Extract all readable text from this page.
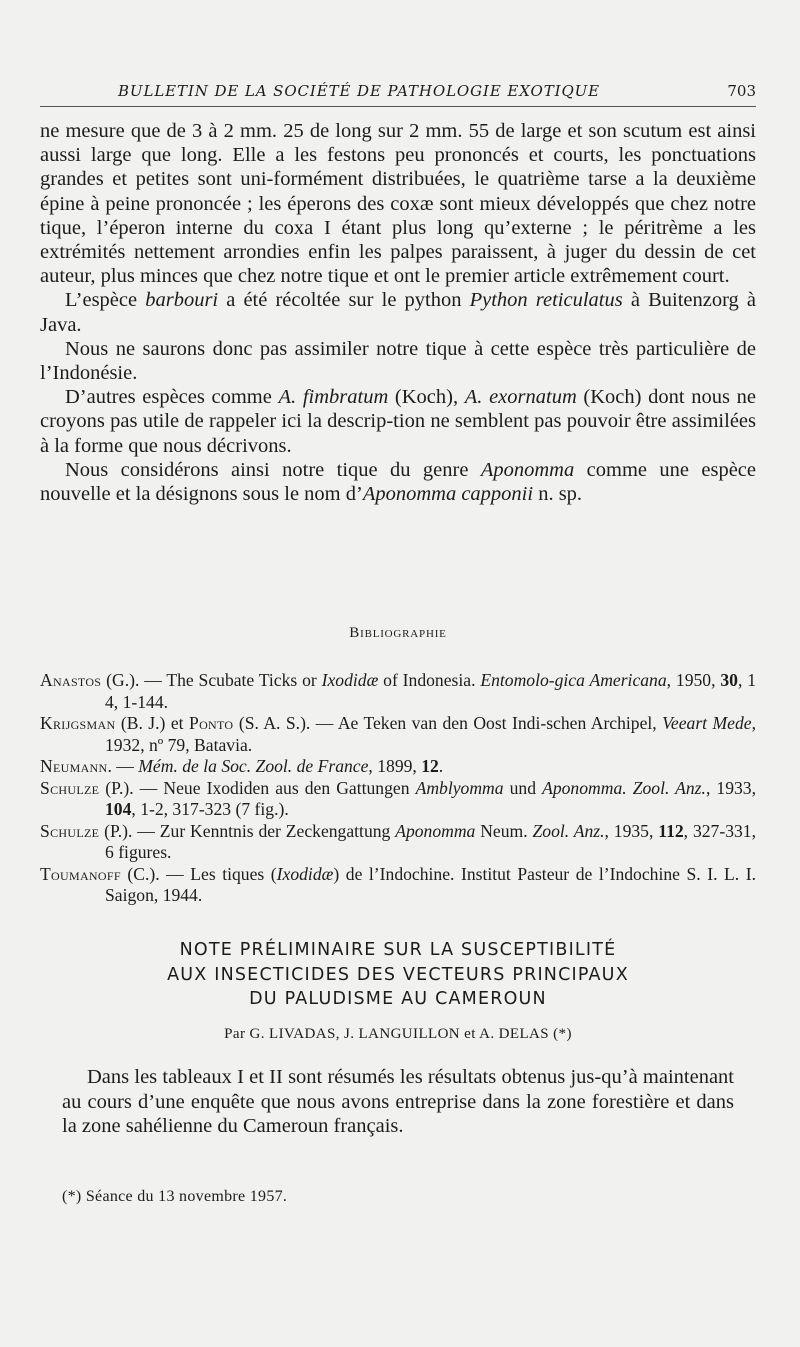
BULLETIN DE LA SOCIÉTÉ DE PATHOLOGIE EXOTIQUE	703

ne mesure que de 3 à 2 mm. 25 de long sur 2 mm. 55 de large et son scutum est ainsi aussi large que long. Elle a les festons peu prononcés et courts, les ponctuations grandes et petites sont uni-formément distribuées, le quatrième tarse a la deuxième épine à peine prononcée ; les éperons des coxæ sont mieux développés que chez notre tique, l’éperon interne du coxa I étant plus long qu’externe ; le péritrème a les extrémités nettement arrondies enfin les palpes paraissent, à juger du dessin de cet auteur, plus minces que chez notre tique et ont le premier article extrêmement court.

L’espèce barbouri a été récoltée sur le python Python reticulatus à Buitenzorg à Java.

Nous ne saurons donc pas assimiler notre tique à cette espèce très particulière de l’Indonésie.

D’autres espèces comme A. fimbratum (Koch), A. exornatum (Koch) dont nous ne croyons pas utile de rappeler ici la descrip-tion ne semblent pas pouvoir être assimilées à la forme que nous décrivons.

Nous considérons ainsi notre tique du genre Aponomma comme une espèce nouvelle et la désignons sous le nom d’Aponomma capponii n. sp.

Bibliographie

Anastos (G.). — The Scubate Ticks or Ixodidæ of Indonesia. Entomolo-gica Americana, 1950, 30, 1 4, 1-144.

Krijgsman (B. J.) et Ponto (S. A. S.). — Ae Teken van den Oost Indi-schen Archipel, Veeart Mede, 1932, nº 79, Batavia.

Neumann. — Mém. de la Soc. Zool. de France, 1899, 12.

Schulze (P.). — Neue Ixodiden aus den Gattungen Amblyomma und Aponomma. Zool. Anz., 1933, 104, 1-2, 317-323 (7 fig.).

Schulze (P.). — Zur Kenntnis der Zeckengattung Aponomma Neum. Zool. Anz., 1935, 112, 327-331, 6 figures.

Toumanoff (C.). — Les tiques (Ixodidæ) de l’Indochine. Institut Pasteur de l’Indochine S. I. L. I. Saigon, 1944.

NOTE PRÉLIMINAIRE SUR LA SUSCEPTIBILITÉ
AUX INSECTICIDES DES VECTEURS PRINCIPAUX
DU PALUDISME AU CAMEROUN
Par G. LIVADAS, J. LANGUILLON et A. DELAS (*)

Dans les tableaux I et II sont résumés les résultats obtenus jus-qu’à maintenant au cours d’une enquête que nous avons entreprise dans la zone forestière et dans la zone sahélienne du Cameroun français.

(*) Séance du 13 novembre 1957.
